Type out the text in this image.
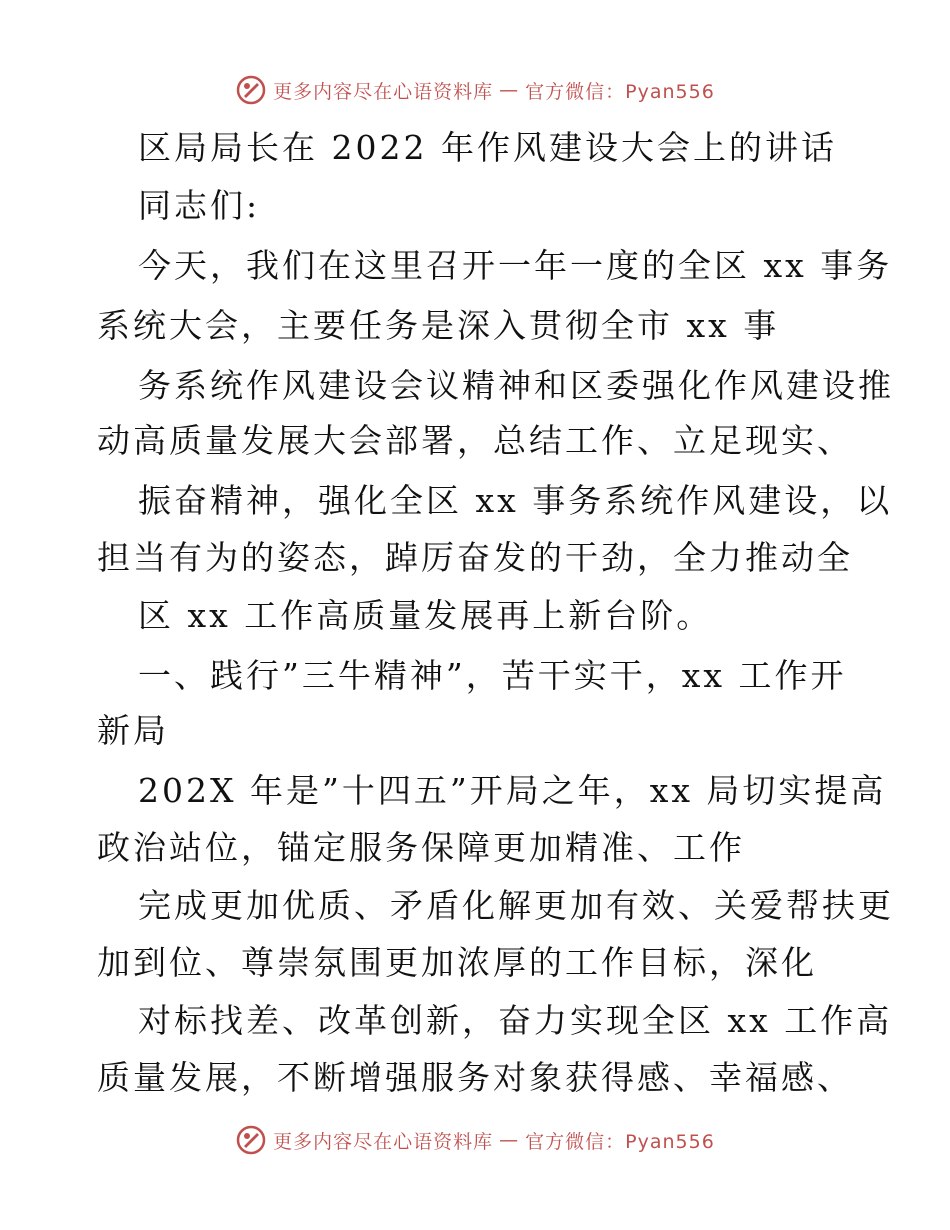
更多内容尽在心语资料库 — 官方微信：Pyan556
区局局长在 2022 年作风建设大会上的讲话
同志们:
今天，我们在这里召开一年一度的全区 xx 事务
系统大会，主要任务是深入贯彻全市 xx 事
务系统作风建设会议精神和区委强化作风建设推
动高质量发展大会部署，总结工作、立足现实、
振奋精神，强化全区 xx 事务系统作风建设，以
担当有为的姿态，踔厉奋发的干劲，全力推动全
区 xx 工作高质量发展再上新台阶。
一、践行”三牛精神”，苦干实干，xx 工作开
新局
202X 年是”十四五”开局之年，xx 局切实提高
政治站位，锚定服务保障更加精准、工作
完成更加优质、矛盾化解更加有效、关爱帮扶更
加到位、尊崇氛围更加浓厚的工作目标，深化
对标找差、改革创新，奋力实现全区 xx 工作高
质量发展，不断增强服务对象获得感、幸福感、
更多内容尽在心语资料库 — 官方微信：Pyan556
